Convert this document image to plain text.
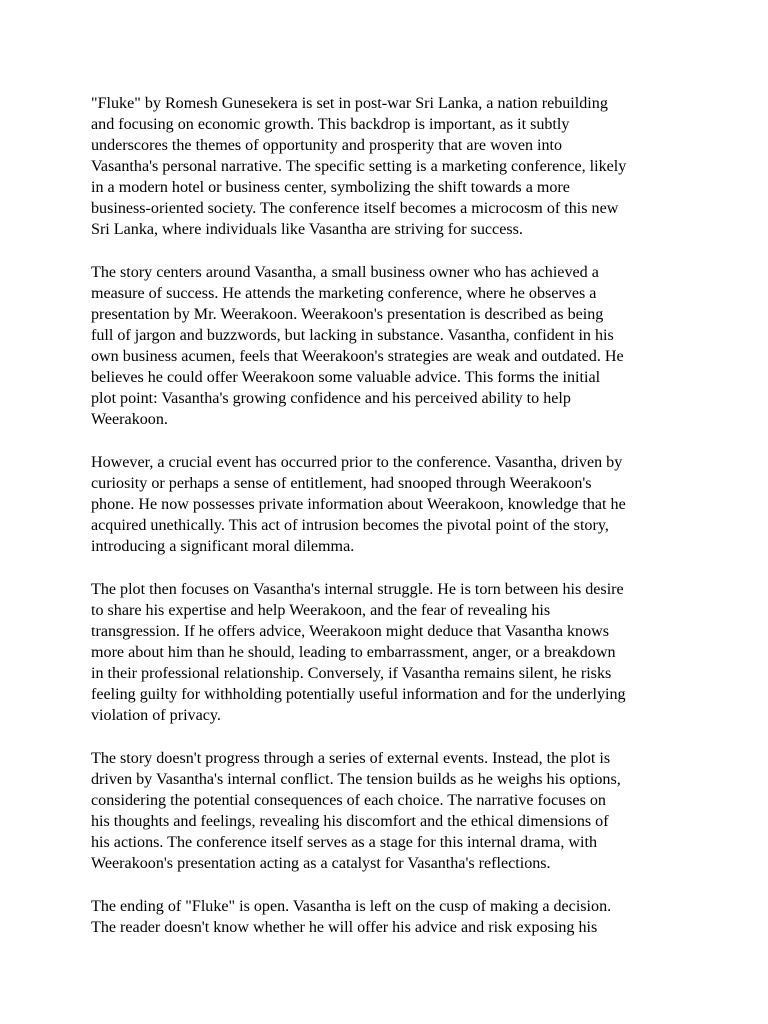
"Fluke" by Romesh Gunesekera is set in post-war Sri Lanka, a nation rebuilding
and focusing on economic growth. This backdrop is important, as it subtly
underscores the themes of opportunity and prosperity that are woven into
Vasantha's personal narrative. The specific setting is a marketing conference, likely
in a modern hotel or business center, symbolizing the shift towards a more
business-oriented society. The conference itself becomes a microcosm of this new
Sri Lanka, where individuals like Vasantha are striving for success.
The story centers around Vasantha, a small business owner who has achieved a
measure of success. He attends the marketing conference, where he observes a
presentation by Mr. Weerakoon. Weerakoon's presentation is described as being
full of jargon and buzzwords, but lacking in substance. Vasantha, confident in his
own business acumen, feels that Weerakoon's strategies are weak and outdated. He
believes he could offer Weerakoon some valuable advice. This forms the initial
plot point: Vasantha's growing confidence and his perceived ability to help
Weerakoon.
However, a crucial event has occurred prior to the conference. Vasantha, driven by
curiosity or perhaps a sense of entitlement, had snooped through Weerakoon's
phone. He now possesses private information about Weerakoon, knowledge that he
acquired unethically. This act of intrusion becomes the pivotal point of the story,
introducing a significant moral dilemma.
The plot then focuses on Vasantha's internal struggle. He is torn between his desire
to share his expertise and help Weerakoon, and the fear of revealing his
transgression. If he offers advice, Weerakoon might deduce that Vasantha knows
more about him than he should, leading to embarrassment, anger, or a breakdown
in their professional relationship. Conversely, if Vasantha remains silent, he risks
feeling guilty for withholding potentially useful information and for the underlying
violation of privacy.
The story doesn't progress through a series of external events. Instead, the plot is
driven by Vasantha's internal conflict. The tension builds as he weighs his options,
considering the potential consequences of each choice. The narrative focuses on
his thoughts and feelings, revealing his discomfort and the ethical dimensions of
his actions. The conference itself serves as a stage for this internal drama, with
Weerakoon's presentation acting as a catalyst for Vasantha's reflections.
The ending of "Fluke" is open. Vasantha is left on the cusp of making a decision.
The reader doesn't know whether he will offer his advice and risk exposing his
